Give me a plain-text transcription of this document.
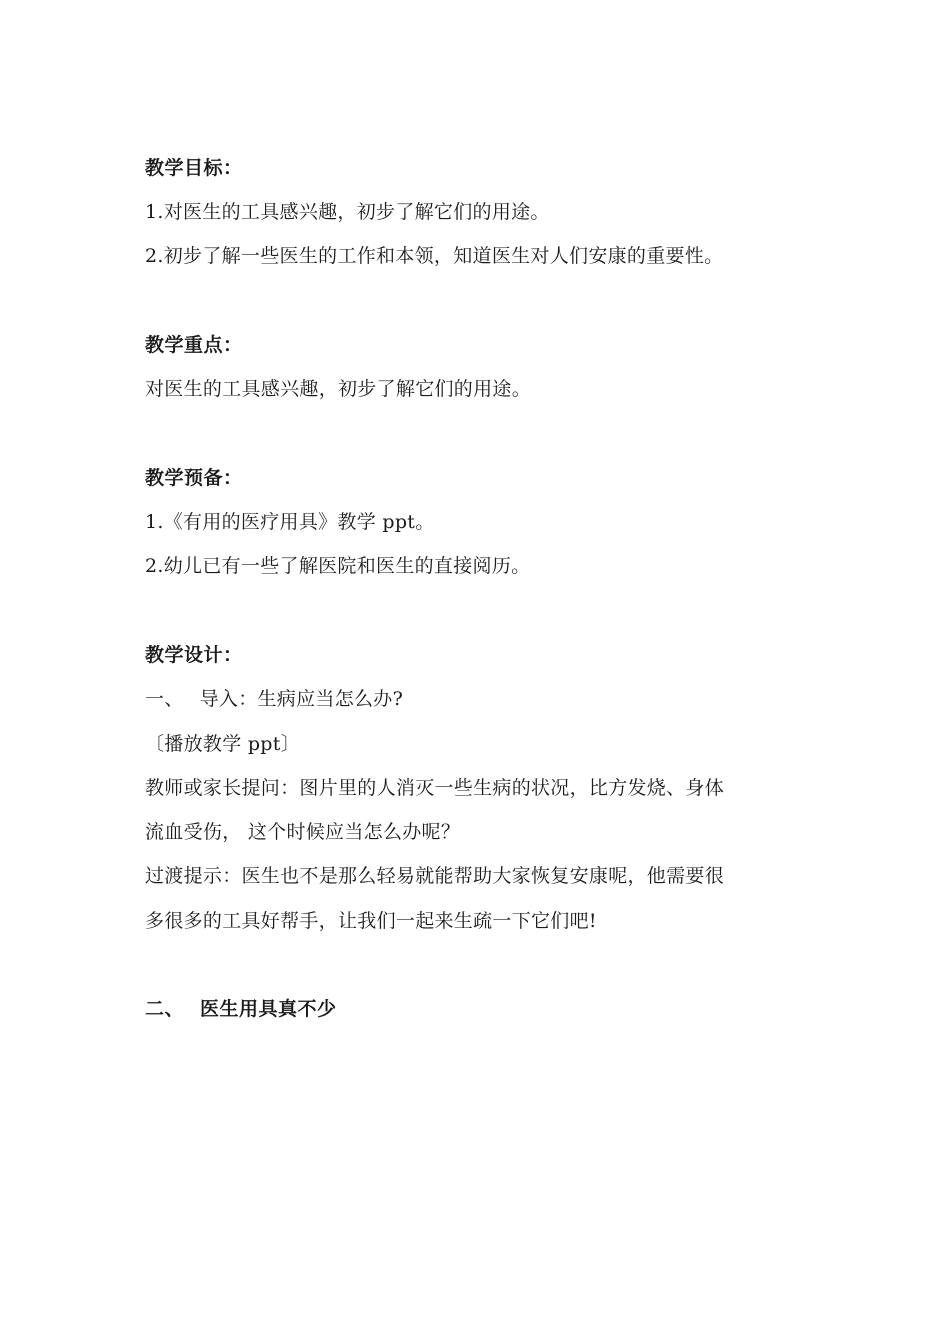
教学目标：
1.对医生的工具感兴趣，初步了解它们的用途。
2.初步了解一些医生的工作和本领，知道医生对人们安康的重要性。
教学重点：
对医生的工具感兴趣，初步了解它们的用途。
教学预备：
1.《有用的医疗用具》教学 ppt。
2.幼儿已有一些了解医院和医生的直接阅历。
教学设计：
一、 导入：生病应当怎么办?
〔播放教学 ppt〕
教师或家长提问：图片里的人消灭一些生病的状况，比方发烧、身体
流血受伤， 这个时候应当怎么办呢？
过渡提示：医生也不是那么轻易就能帮助大家恢复安康呢，他需要很
多很多的工具好帮手，让我们一起来生疏一下它们吧!
二、 医生用具真不少
